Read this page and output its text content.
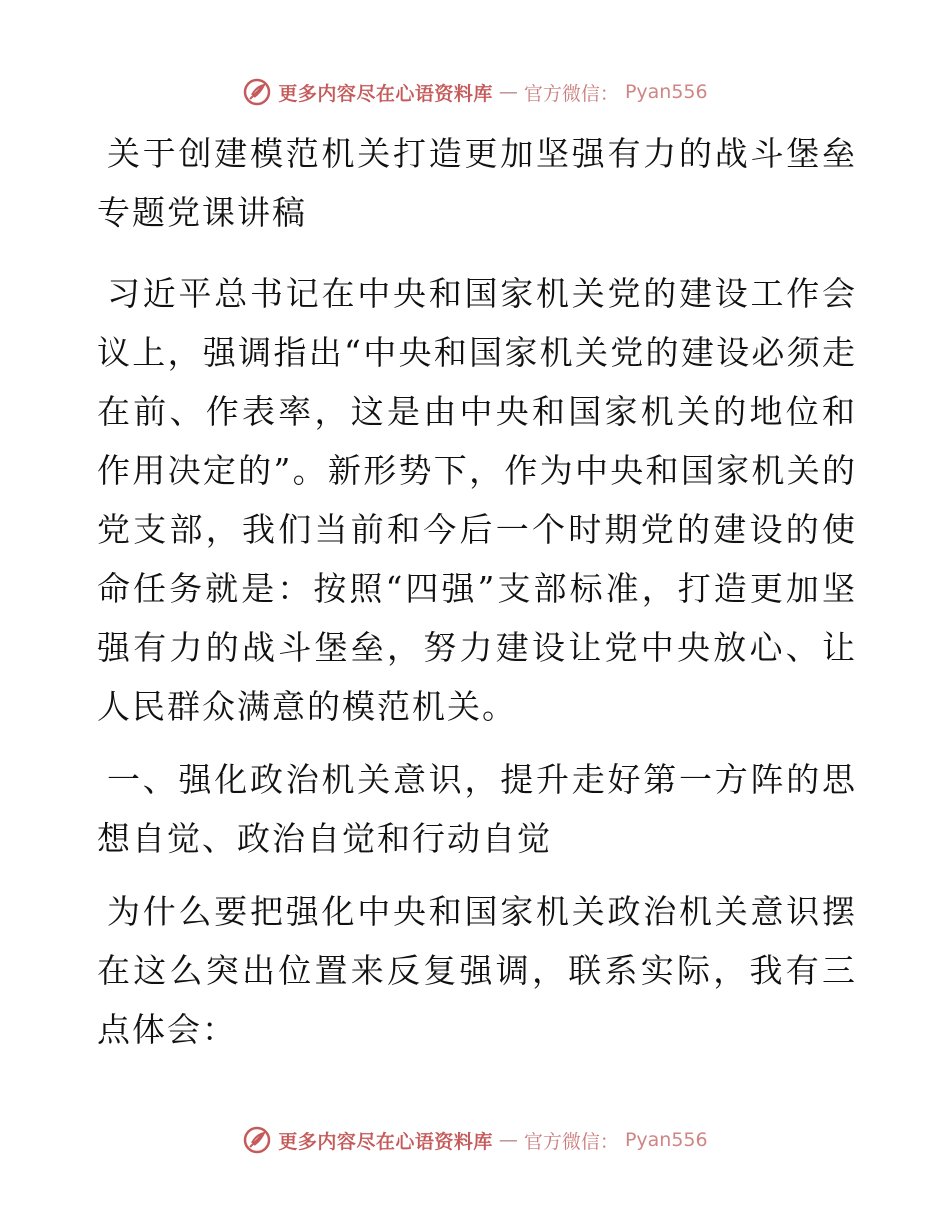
更多内容尽在心语资料库 — 官方微信： Pyan556

关于创建模范机关打造更加坚强有力的战斗堡垒专题党课讲稿

习近平总书记在中央和国家机关党的建设工作会议上，强调指出“中央和国家机关党的建设必须走在前、作表率，这是由中央和国家机关的地位和作用决定的”。新形势下，作为中央和国家机关的党支部，我们当前和今后一个时期党的建设的使命任务就是：按照“四强”支部标准，打造更加坚强有力的战斗堡垒，努力建设让党中央放心、让人民群众满意的模范机关。

一、强化政治机关意识，提升走好第一方阵的思想自觉、政治自觉和行动自觉

为什么要把强化中央和国家机关政治机关意识摆在这么突出位置来反复强调，联系实际，我有三点体会：

更多内容尽在心语资料库 — 官方微信： Pyan556
